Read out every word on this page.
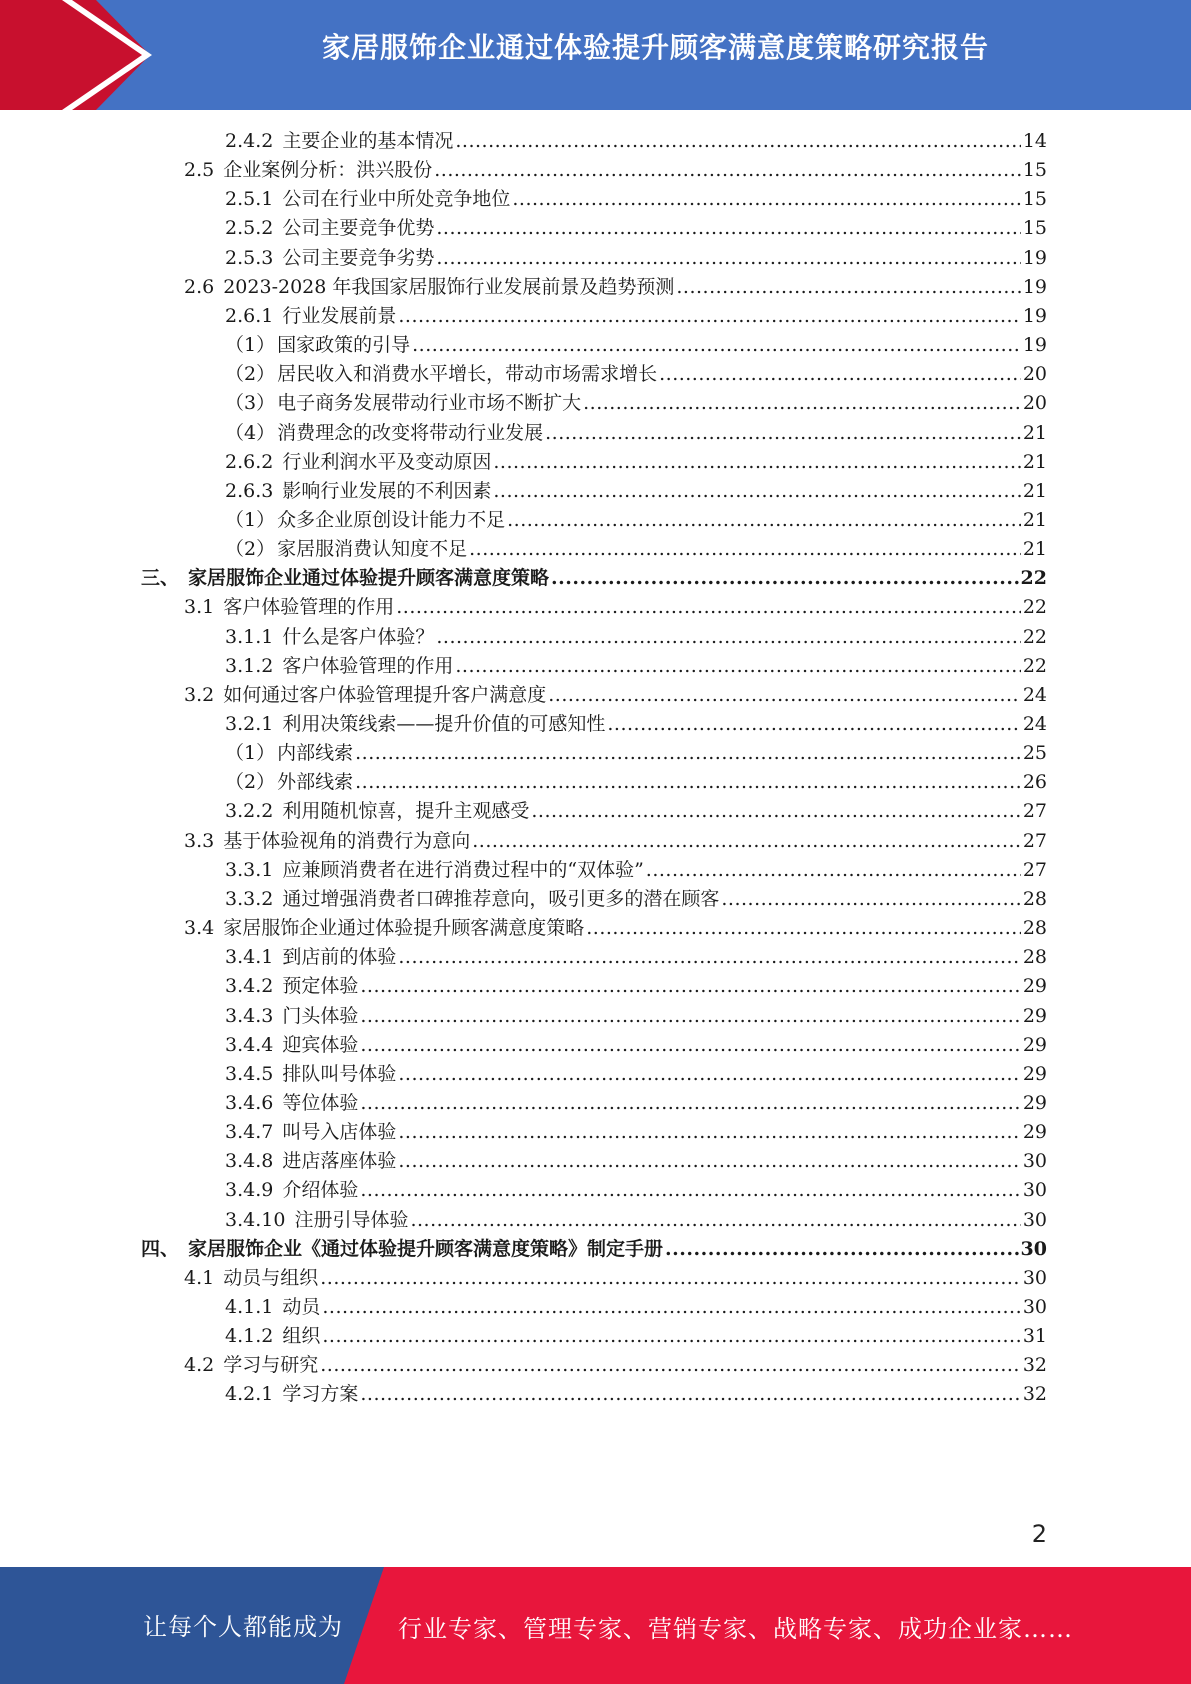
家居服饰企业通过体验提升顾客满意度策略研究报告
2.4.2 主要企业的基本情况 .....	14
2.5 企业案例分析：洪兴股份 .....	15
2.5.1 公司在行业中所处竞争地位 .....	15
2.5.2 公司主要竞争优势 .....	15
2.5.3 公司主要竞争劣势 .....	19
2.6 2023-2028 年我国家居服饰行业发展前景及趋势预测 .....	19
2.6.1 行业发展前景 .....	19
（1） 国家政策的引导 .....	19
（2） 居民收入和消费水平增长，带动市场需求增长 .....	20
（3） 电子商务发展带动行业市场不断扩大 .....	20
（4） 消费理念的改变将带动行业发展 .....	21
2.6.2 行业利润水平及变动原因 .....	21
2.6.3 影响行业发展的不利因素 .....	21
（1） 众多企业原创设计能力不足 .....	21
（2） 家居服消费认知度不足 .....	21
三、 家居服饰企业通过体验提升顾客满意度策略 .....	22
3.1 客户体验管理的作用 .....	22
3.1.1 什么是客户体验？ .....	22
3.1.2 客户体验管理的作用 .....	22
3.2 如何通过客户体验管理提升客户满意度 .....	24
3.2.1 利用决策线索——提升价值的可感知性 .....	24
（1） 内部线索 .....	25
（2） 外部线索 .....	26
3.2.2 利用随机惊喜，提升主观感受 .....	27
3.3 基于体验视角的消费行为意向 .....	27
3.3.1 应兼顾消费者在进行消费过程中的“双体验” .....	27
3.3.2 通过增强消费者口碑推荐意向，吸引更多的潜在顾客 .....	28
3.4 家居服饰企业通过体验提升顾客满意度策略 .....	28
3.4.1 到店前的体验 .....	28
3.4.2 预定体验 .....	29
3.4.3 门头体验 .....	29
3.4.4 迎宾体验 .....	29
3.4.5 排队叫号体验 .....	29
3.4.6 等位体验 .....	29
3.4.7 叫号入店体验 .....	29
3.4.8 进店落座体验 .....	30
3.4.9 介绍体验 .....	30
3.4.10 注册引导体验 .....	30
四、 家居服饰企业《通过体验提升顾客满意度策略》制定手册 .....	30
4.1 动员与组织 .....	30
4.1.1 动员 .....	30
4.1.2 组织 .....	31
4.2 学习与研究 .....	32
4.2.1 学习方案 .....	32
2
让每个人都能成为 行业专家、管理专家、营销专家、战略专家、成功企业家……
